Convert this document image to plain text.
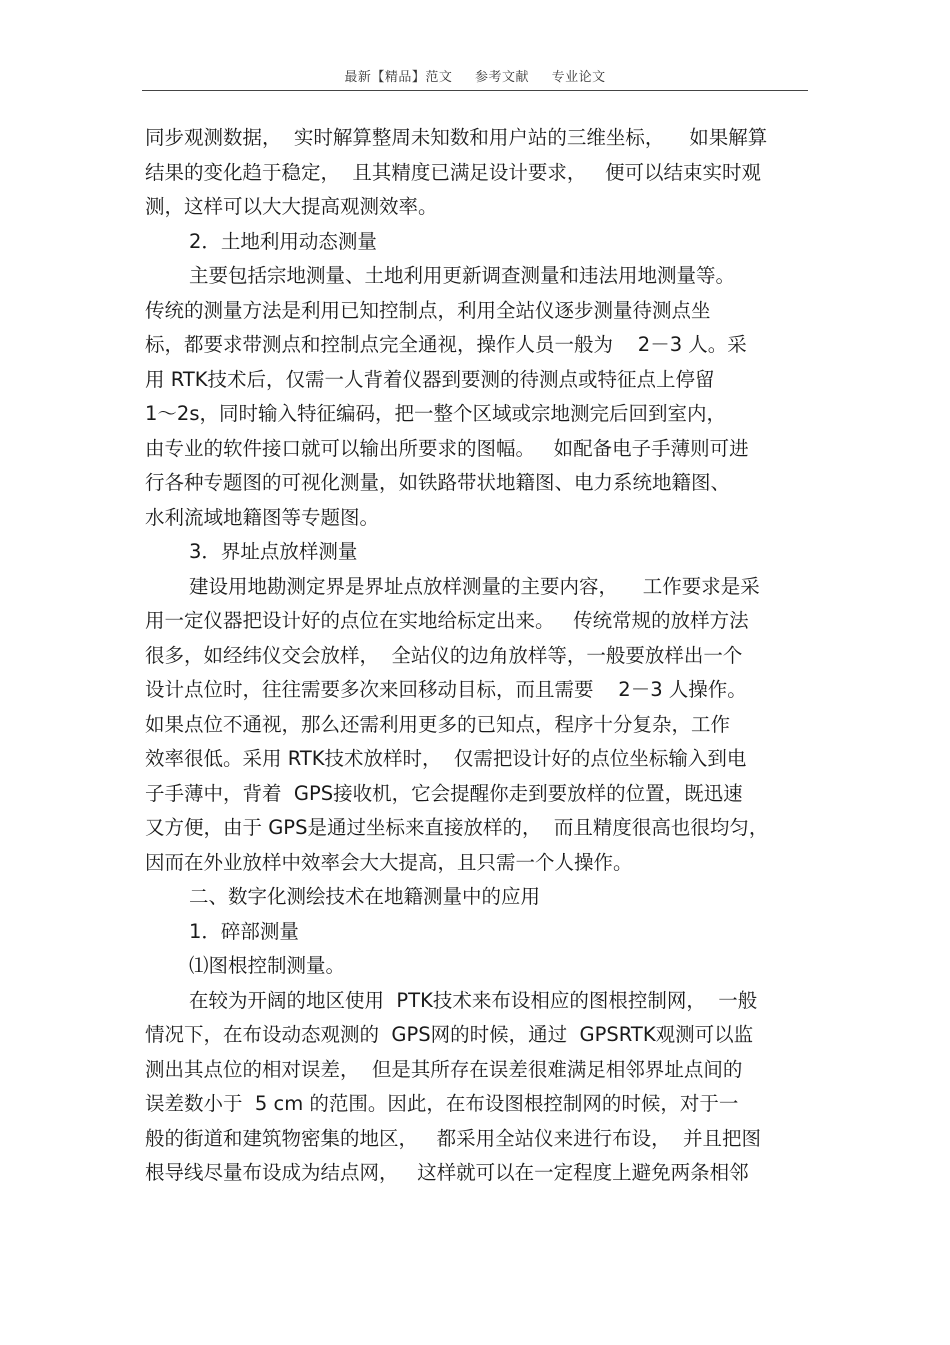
最新【精品】范文 参考文献 专业论文
同步观测数据，  实时解算整周未知数和用户站的三维坐标，    如果解算
结果的变化趋于稳定，  且其精度已满足设计要求，   便可以结束实时观
测，这样可以大大提高观测效率。
2．土地利用动态测量
主要包括宗地测量、土地利用更新调查测量和违法用地测量等。
传统的测量方法是利用已知控制点，利用全站仪逐步测量待测点坐
标，都要求带测点和控制点完全通视，操作人员一般为    2－3 人。采
用 RTK技术后，仅需一人背着仪器到要测的待测点或特征点上停留
1～2s，同时输入特征编码，把一整个区域或宗地测完后回到室内，
由专业的软件接口就可以输出所要求的图幅。   如配备电子手薄则可进
行各种专题图的可视化测量，如铁路带状地籍图、电力系统地籍图、
水利流域地籍图等专题图。
3．界址点放样测量
建设用地勘测定界是界址点放样测量的主要内容，    工作要求是采
用一定仪器把设计好的点位在实地给标定出来。   传统常规的放样方法
很多，如经纬仪交会放样，  全站仪的边角放样等，一般要放样出一个
设计点位时，往往需要多次来回移动目标，而且需要    2－3 人操作。
如果点位不通视，那么还需利用更多的已知点，程序十分复杂，工作
效率很低。采用 RTK技术放样时，  仅需把设计好的点位坐标输入到电
子手薄中，背着  GPS接收机，它会提醒你走到要放样的位置，既迅速
又方便，由于 GPS是通过坐标来直接放样的，  而且精度很高也很均匀，
因而在外业放样中效率会大大提高，且只需一个人操作。
二、数字化测绘技术在地籍测量中的应用
1．碎部测量
⑴图根控制测量。
在较为开阔的地区使用  PTK技术来布设相应的图根控制网，  一般
情况下，在布设动态观测的  GPS网的时候，通过  GPSRTK观测可以监
测出其点位的相对误差，  但是其所存在误差很难满足相邻界址点间的
误差数小于  5 cm 的范围。因此，在布设图根控制网的时候，对于一
般的街道和建筑物密集的地区，   都采用全站仪来进行布设，  并且把图
根导线尽量布设成为结点网，   这样就可以在一定程度上避免两条相邻
